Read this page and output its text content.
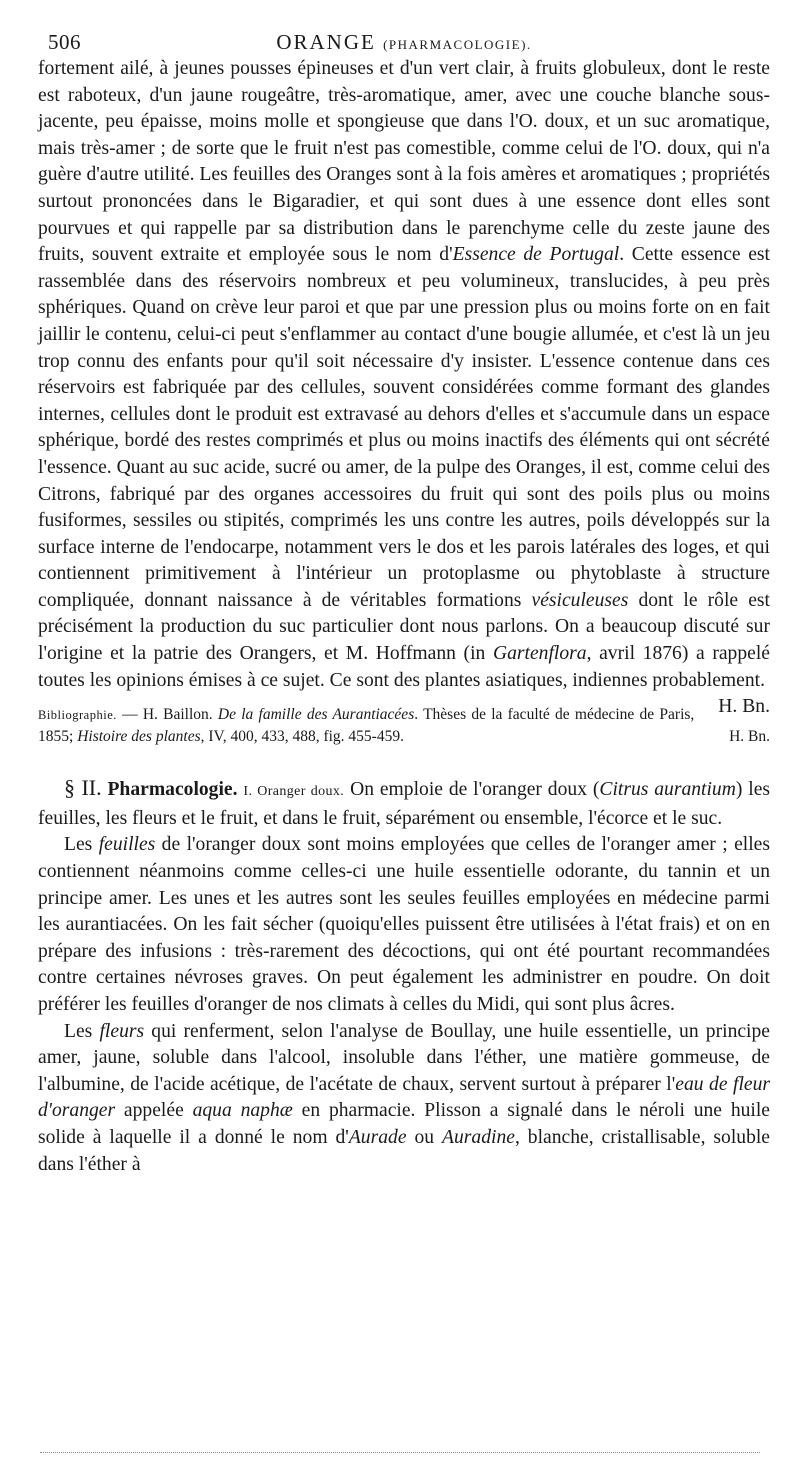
506	ORANGE (PHARMACOLOGIE).

fortement ailé, à jeunes pousses épineuses et d'un vert clair, à fruits globuleux, dont le reste est raboteux, d'un jaune rougeâtre, très-aromatique, amer, avec une couche blanche sous-jacente, peu épaisse, moins molle et spongieuse que dans l'O. doux, et un suc aromatique, mais très-amer ; de sorte que le fruit n'est pas comestible, comme celui de l'O. doux, qui n'a guère d'autre utilité. Les feuilles des Oranges sont à la fois amères et aromatiques ; propriétés surtout prononcées dans le Bigaradier, et qui sont dues à une essence dont elles sont pourvues et qui rappelle par sa distribution dans le parenchyme celle du zeste jaune des fruits, souvent extraite et employée sous le nom d'Essence de Portugal. Cette essence est rassemblée dans des réservoirs nombreux et peu volumineux, translucides, à peu près sphériques. Quand on crève leur paroi et que par une pression plus ou moins forte on en fait jaillir le contenu, celui-ci peut s'enflammer au contact d'une bougie allumée, et c'est là un jeu trop connu des enfants pour qu'il soit nécessaire d'y insister. L'essence contenue dans ces réservoirs est fabriquée par des cellules, souvent considérées comme formant des glandes internes, cellules dont le produit est extravasé au dehors d'elles et s'accumule dans un espace sphérique, bordé des restes comprimés et plus ou moins inactifs des éléments qui ont sécrété l'essence. Quant au suc acide, sucré ou amer, de la pulpe des Oranges, il est, comme celui des Citrons, fabriqué par des organes accessoires du fruit qui sont des poils plus ou moins fusiformes, sessiles ou stipités, comprimés les uns contre les autres, poils développés sur la surface interne de l'endocarpe, notamment vers le dos et les parois latérales des loges, et qui contiennent primitivement à l'intérieur un protoplasme ou phytoblaste à structure compliquée, donnant naissance à de véritables formations vésiculeuses dont le rôle est précisément la production du suc particulier dont nous parlons. On a beaucoup discuté sur l'origine et la patrie des Orangers, et M. Hoffmann (in Gartenflora, avril 1876) a rappelé toutes les opinions émises à ce sujet. Ce sont des plantes asiatiques, indiennes probablement.
H. Bn.

Bibliographie. — H. Baillon. De la famille des Aurantiacées. Thèses de la faculté de médecine de Paris, 1855; Histoire des plantes, IV, 400, 433, 488, fig. 455-459.	H. Bn.

§ II. Pharmacologie. I. Oranger doux. On emploie de l'oranger doux (Citrus aurantium) les feuilles, les fleurs et le fruit, et dans le fruit, séparément ou ensemble, l'écorce et le suc.

Les feuilles de l'oranger doux sont moins employées que celles de l'oranger amer ; elles contiennent néanmoins comme celles-ci une huile essentielle odorante, du tannin et un principe amer. Les unes et les autres sont les seules feuilles employées en médecine parmi les aurantiacées. On les fait sécher (quoiqu'elles puissent être utilisées à l'état frais) et on en prépare des infusions : très-rarement des décoctions, qui ont été pourtant recommandées contre certaines névroses graves. On peut également les administrer en poudre. On doit préférer les feuilles d'oranger de nos climats à celles du Midi, qui sont plus âcres.

Les fleurs qui renferment, selon l'analyse de Boullay, une huile essentielle, un principe amer, jaune, soluble dans l'alcool, insoluble dans l'éther, une matière gommeuse, de l'albumine, de l'acide acétique, de l'acétate de chaux, servent surtout à préparer l'eau de fleur d'oranger appelée aqua naphæ en pharmacie. Plisson a signalé dans le néroli une huile solide à laquelle il a donné le nom d'Aurade ou Auradine, blanche, cristallisable, soluble dans l'éther à
